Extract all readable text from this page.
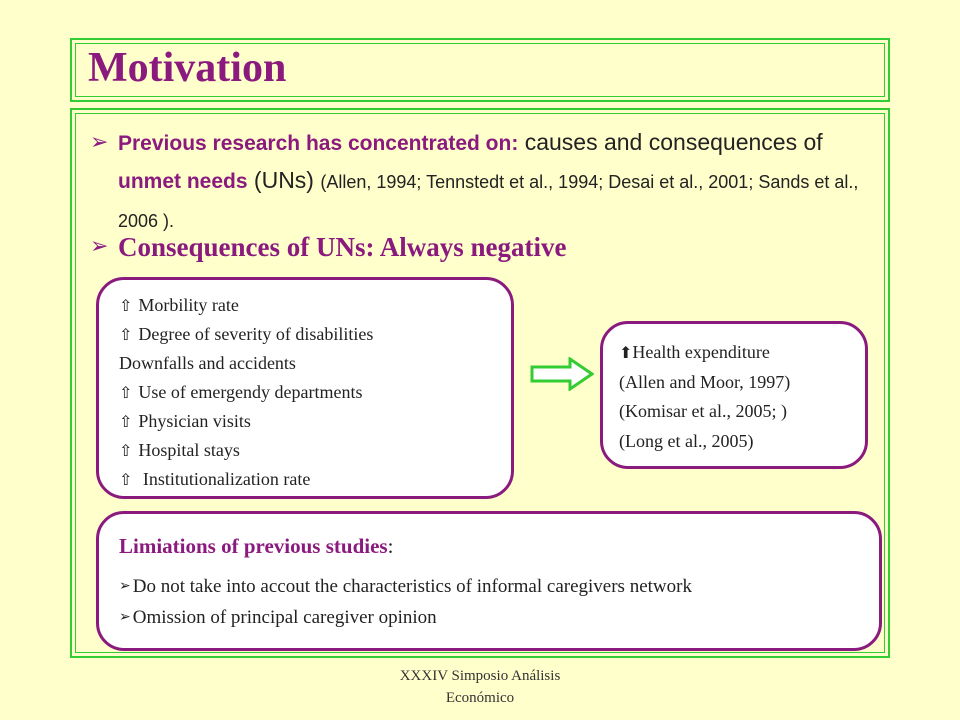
Motivation
➢ Previous research has concentrated on: causes and consequences of unmet needs (UNs) (Allen, 1994; Tennstedt et al., 1994; Desai et al., 2001; Sands et al., 2006 ).
➢ Consequences of UNs: Always negative
⇧ Morbility rate
⇧ Degree of severity of disabilities
Downfalls and accidents
⇧ Use of emergendy departments
⇧ Physician visits
⇧ Hospital stays
⇧ Institutionalization rate
⬆Health expenditure
(Allen and Moor, 1997)
(Komisar et al., 2005; )
(Long et al., 2005)
Limiations of previous studies:
➢ Do not take into accout the characteristics of informal caregivers network
➢ Omission of principal caregiver opinion
XXXIV Simposio Análisis
Económico
